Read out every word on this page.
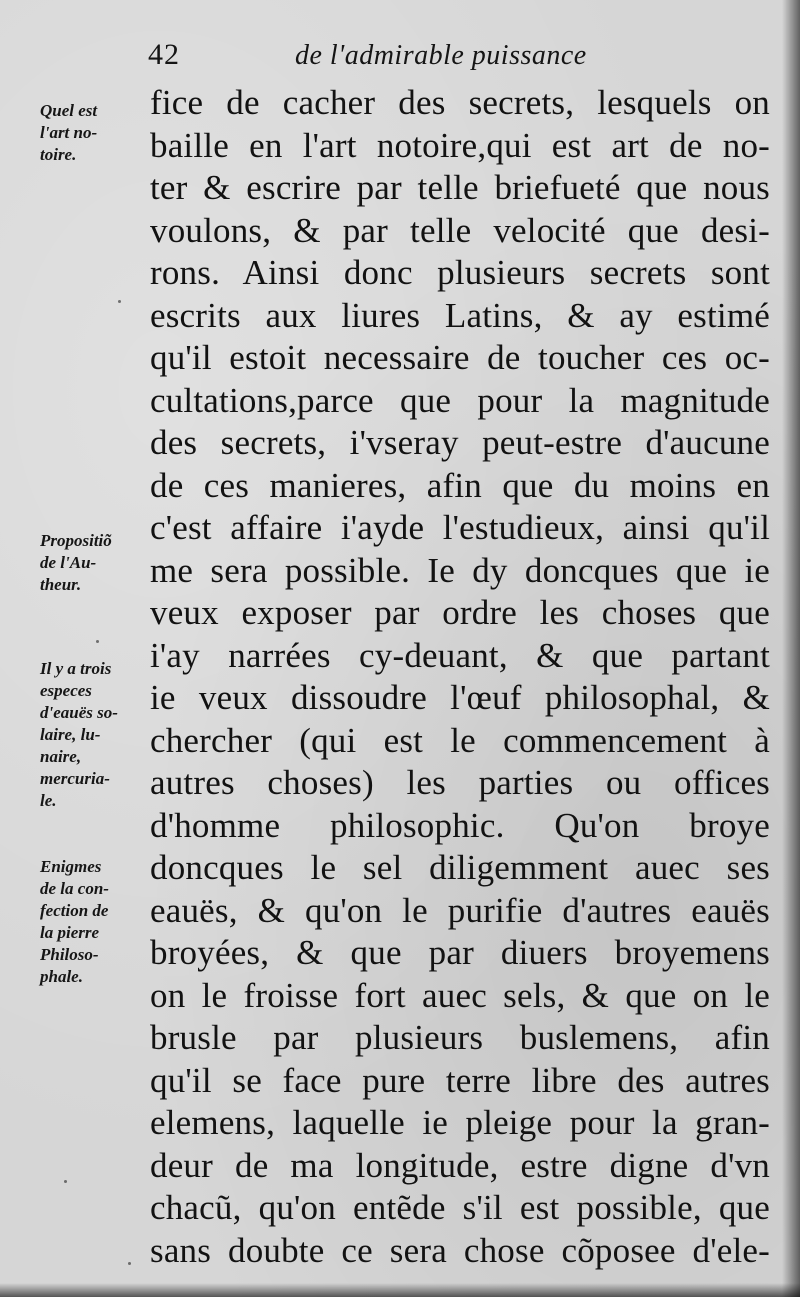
42	de l'admirable puissance
fice de cacher des secrets, lesquels on
baille en l'art notoire,qui est art de no-
ter & escrire par telle briefueté que nous
voulons, & par telle velocité que desi-
rons. Ainsi donc plusieurs secrets sont
escrits aux liures Latins, & ay estimé
qu'il estoit necessaire de toucher ces oc-
cultations,parce que pour la magnitude
des secrets, i'vseray peut-estre d'aucune
de ces manieres, afin que du moins en
c'est affaire i'ayde l'estudieux, ainsi qu'il
me sera possible. Ie dy doncques que ie
veux exposer par ordre les choses que
i'ay narrées cy-deuant, & que partant
ie veux dissoudre l'œuf philosophal, &
chercher (qui est le commencement à
autres choses) les parties ou offices
d'homme philosophic. Qu'on broye
doncques le sel diligemment auec ses
eauës, & qu'on le purifie d'autres eauës
broyées, & que par diuers broyemens
on le froisse fort auec sels, & que on le
brusle par plusieurs buslemens, afin
qu'il se face pure terre libre des autres
elemens, laquelle ie pleige pour la gran-
deur de ma longitude, estre digne d'vn
chacũ, qu'on entẽde s'il est possible, que
sans doubte ce sera chose cõposee d'ele-
Quel est
l'art no-
toire.
Propositiõ
de l'Au-
theur.
Il y a trois
especes
d'eauës so-
laire, lu-
naire,
mercuria-
le.
Enigmes
de la con-
fection de
la pierre
Philoso-
phale.
